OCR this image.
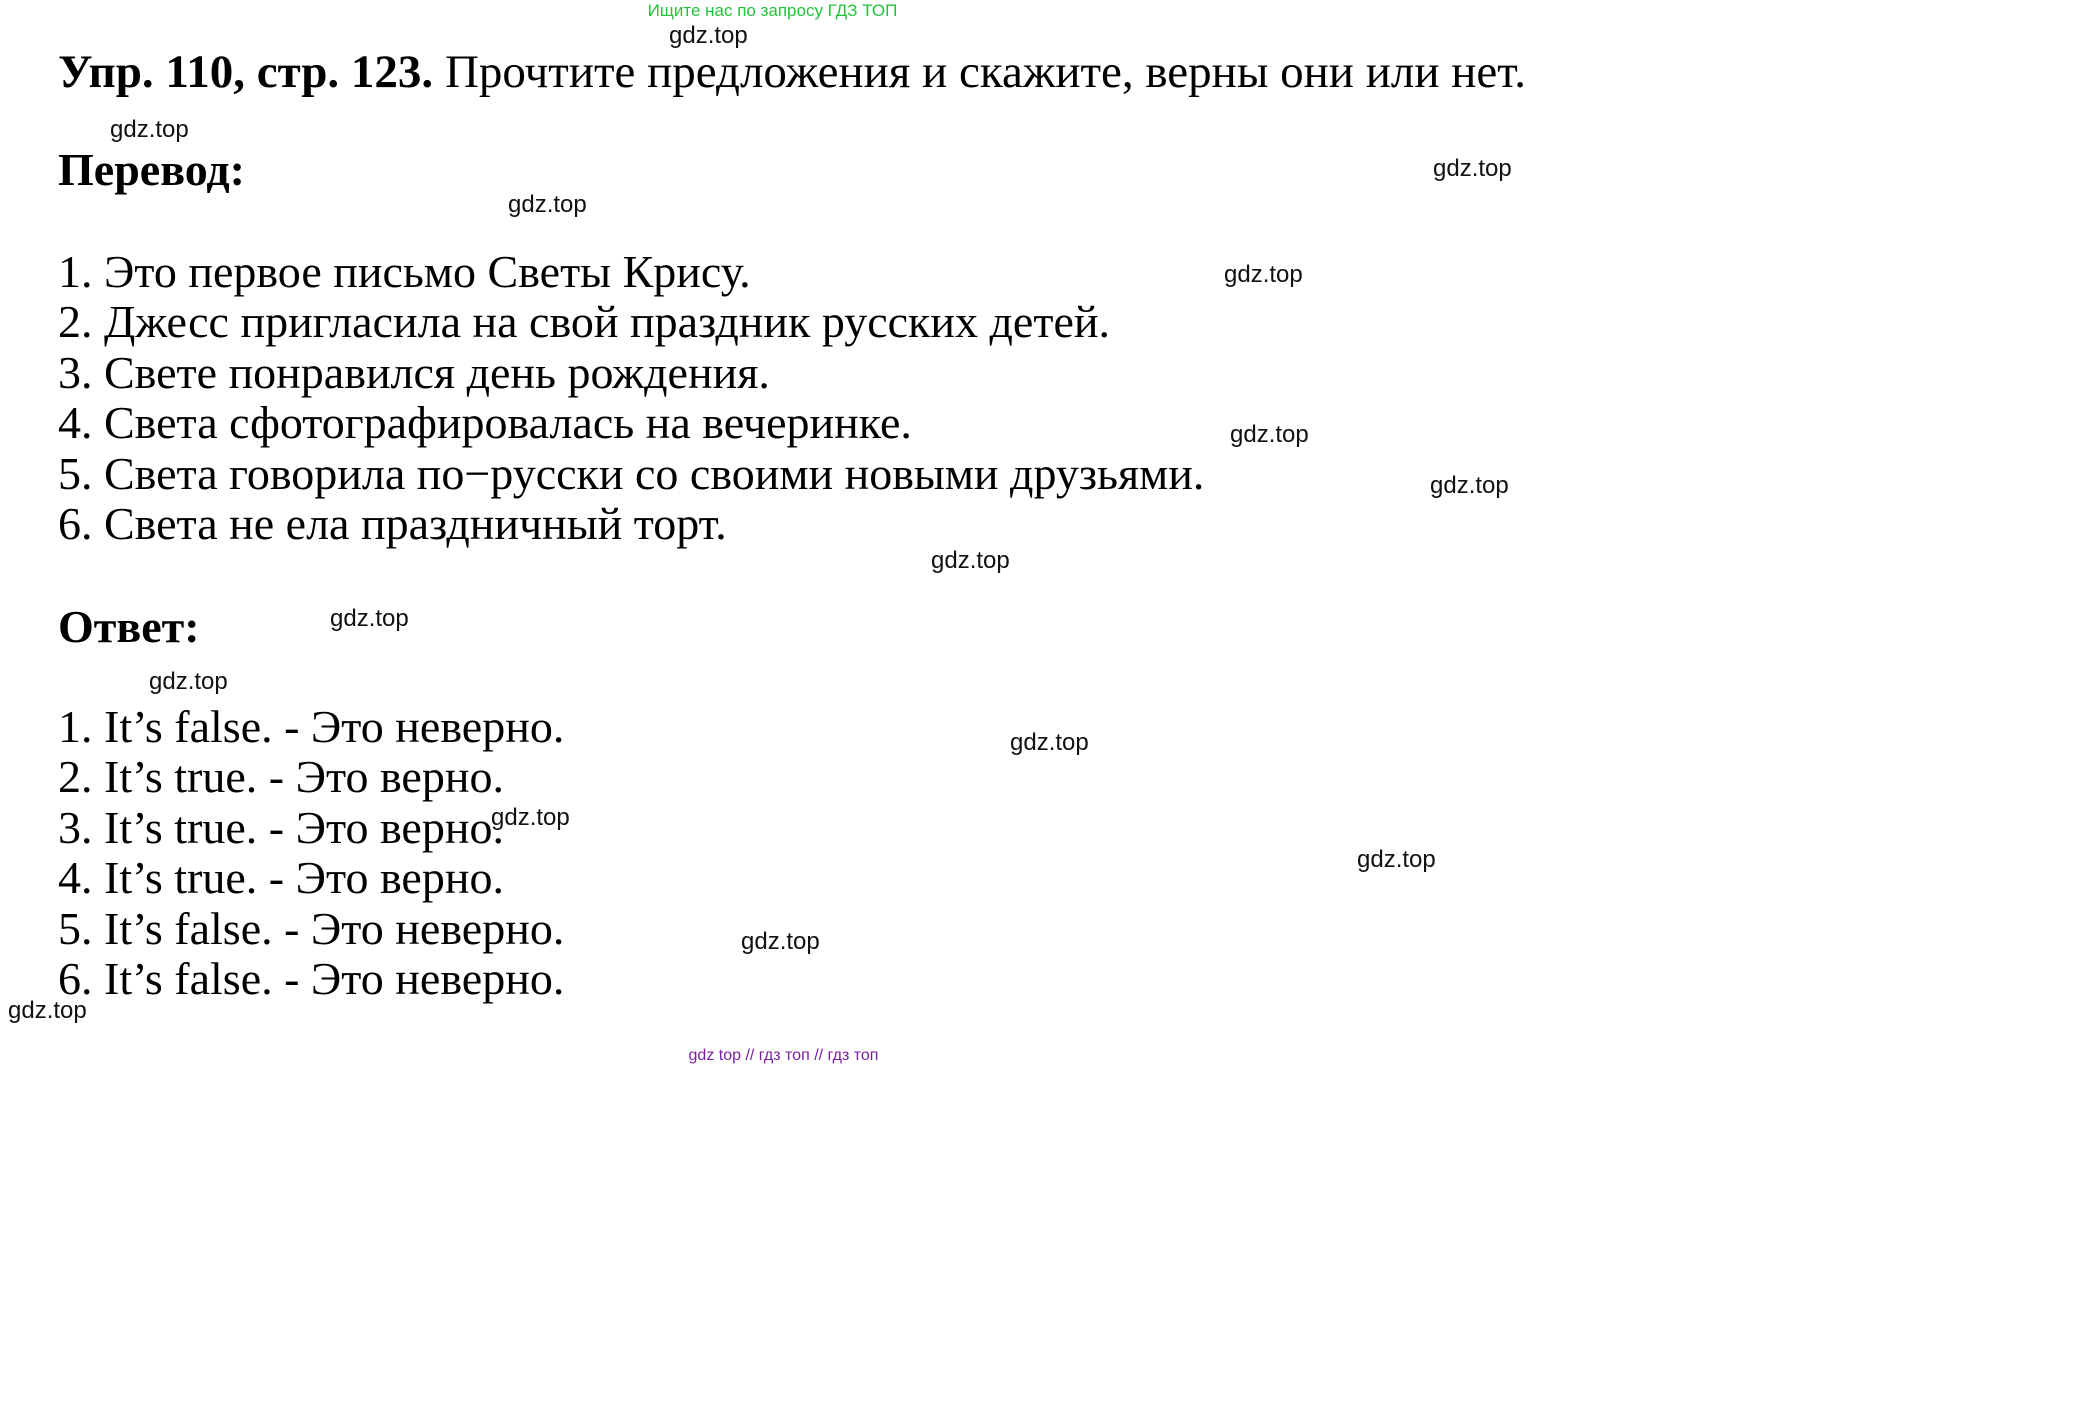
Ищите нас по запросу ГДЗ ТОП
Упр. 110, стр. 123. Прочтите предложения и скажите, верны они или нет.
Перевод:
1. Это первое письмо Светы Крису.
2. Джесс пригласила на свой праздник русских детей.
3. Свете понравился день рождения.
4. Света сфотографировалась на вечеринке.
5. Света говорила по−русски со своими новыми друзьями.
6. Света не ела праздничный торт.
Ответ:
1. It’s false. - Это неверно.
2. It’s true. - Это верно.
3. It’s true. - Это верно.
4. It’s true. - Это верно.
5. It’s false. - Это неверно.
6. It’s false. - Это неверно.
gdz.top
gdz.top
gdz.top
gdz.top
gdz.top
gdz.top
gdz.top
gdz.top
gdz.top
gdz.top
gdz.top
gdz.top
gdz.top
gdz.top
gdz.top
gdz top // гдз топ // гдз топ
